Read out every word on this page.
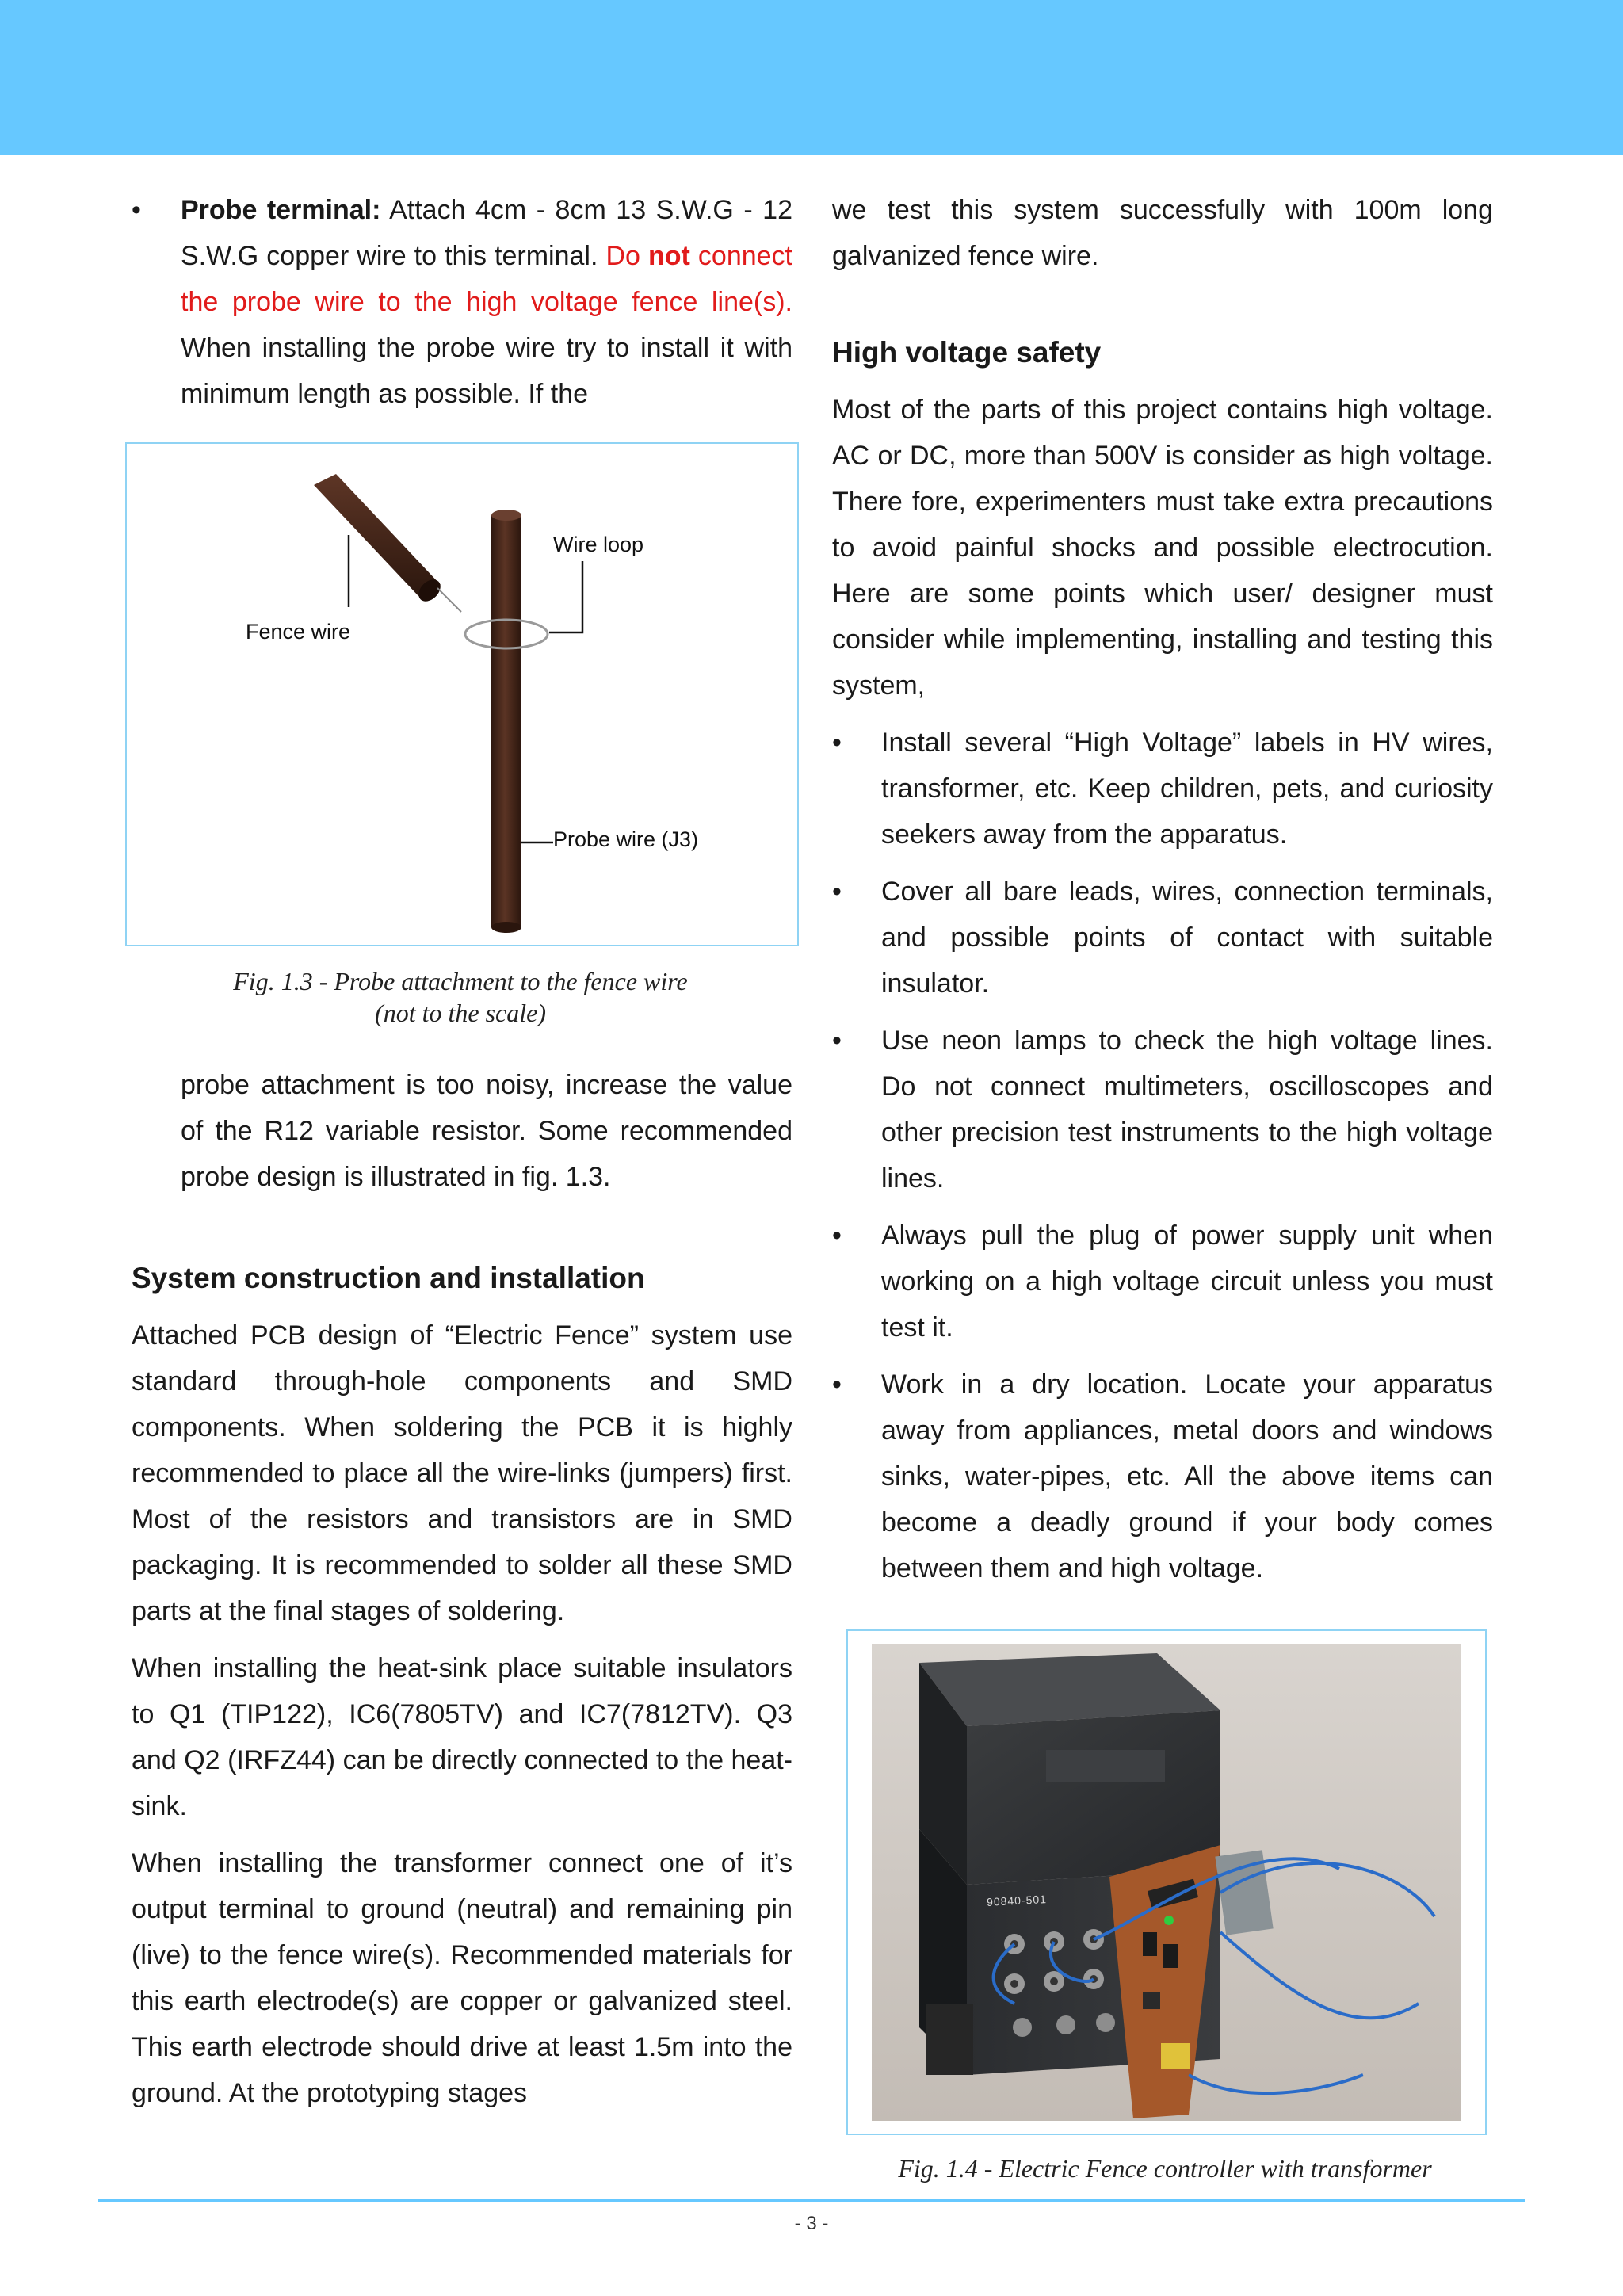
• Probe terminal: Attach 4cm - 8cm 13 S.W.G - 12 S.W.G copper wire to this terminal. Do not connect the probe wire to the high voltage fence line(s). When installing the probe wire try to install it with minimum length as possible. If the

Wire loop
Fence wire
Probe wire (J3)
Fig. 1.3 - Probe attachment to the fence wire
(not to the scale)

probe attachment is too noisy, increase the value of the R12 variable resistor. Some recommended probe design is illustrated in fig. 1.3.

System construction and installation

Attached PCB design of “Electric Fence” system use standard through-hole components and SMD components. When soldering the PCB it is highly recommended to place all the wire-links (jumpers) first. Most of the resistors and transistors are in SMD packaging. It is recommended to solder all these SMD parts at the final stages of soldering.

When installing the heat-sink place suitable insulators to Q1 (TIP122), IC6(7805TV) and IC7(7812TV). Q3 and Q2 (IRFZ44) can be directly connected to the heat-sink.

When installing the transformer connect one of it’s output terminal to ground (neutral) and remaining pin (live) to the fence wire(s). Recommended materials for this earth electrode(s) are copper or galvanized steel. This earth electrode should drive at least 1.5m into the ground. At the prototyping stages

we test this system successfully with 100m long galvanized fence wire.

High voltage safety

Most of the parts of this project contains high voltage. AC or DC, more than 500V is consider as high voltage. There fore, experimenters must take extra precautions to avoid painful shocks and possible electrocution. Here are some points which user/ designer must consider while implementing, installing and testing this system,

• Install several “High Voltage” labels in HV wires, transformer, etc. Keep children, pets, and curiosity seekers away from the apparatus.

• Cover all bare leads, wires, connection terminals, and possible points of contact with suitable insulator.

• Use neon lamps to check the high voltage lines. Do not connect multimeters, oscilloscopes and other precision test instruments to the high voltage lines.

• Always pull the plug of power supply unit when working on a high voltage circuit unless you must test it.

• Work in a dry location. Locate your apparatus away from appliances, metal doors and windows sinks, water-pipes, etc. All the above items can become a deadly ground if your body comes between them and high voltage.

90840-501
Fig. 1.4 - Electric Fence controller with transformer
- 3 -
